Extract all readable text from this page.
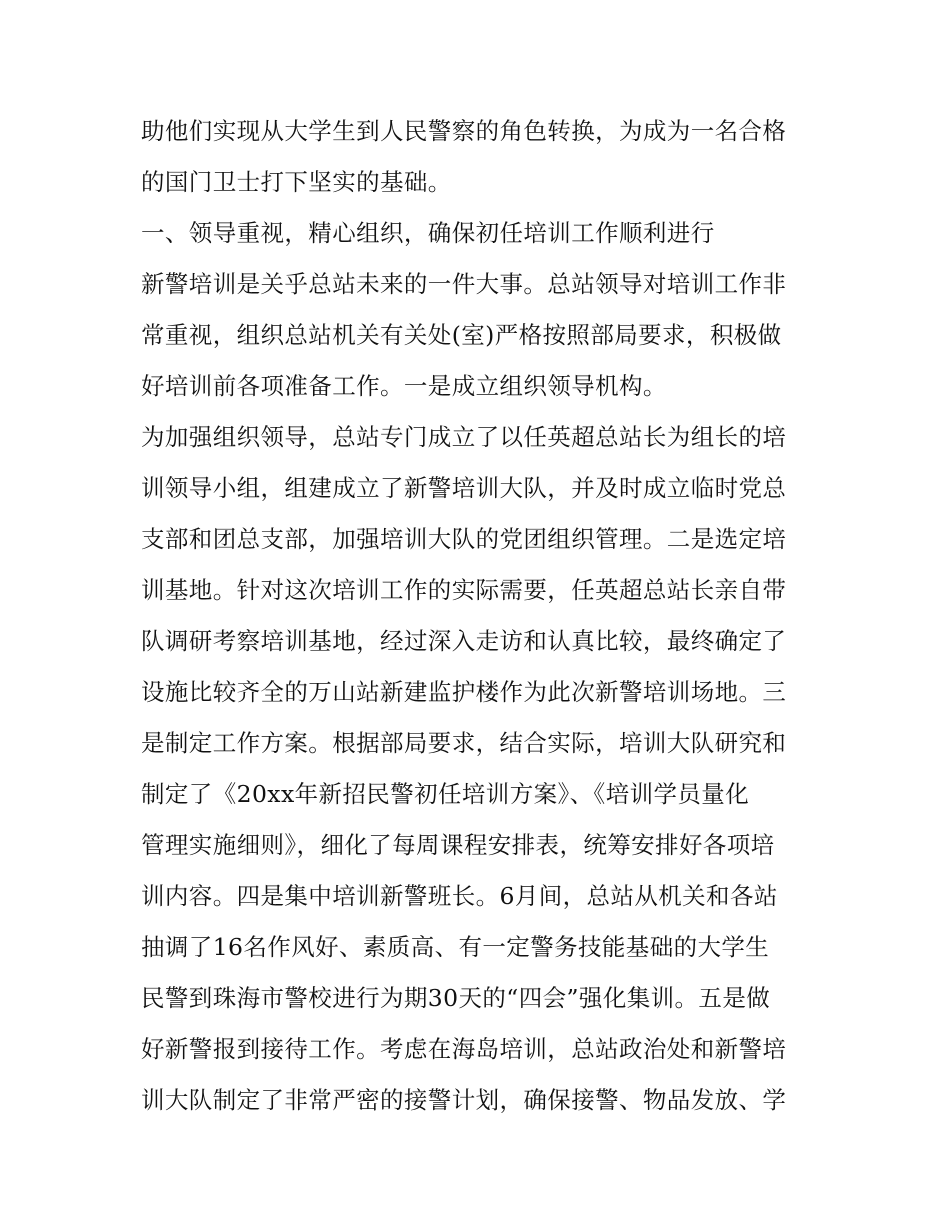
助他们实现从大学生到人民警察的角色转换，为成为一名合格
的国门卫士打下坚实的基础。
一、领导重视，精心组织，确保初任培训工作顺利进行
新警培训是关乎总站未来的一件大事。总站领导对培训工作非
常重视，组织总站机关有关处(室)严格按照部局要求，积极做
好培训前各项准备工作。一是成立组织领导机构。
为加强组织领导，总站专门成立了以任英超总站长为组长的培
训领导小组，组建成立了新警培训大队，并及时成立临时党总
支部和团总支部，加强培训大队的党团组织管理。二是选定培
训基地。针对这次培训工作的实际需要，任英超总站长亲自带
队调研考察培训基地，经过深入走访和认真比较，最终确定了
设施比较齐全的万山站新建监护楼作为此次新警培训场地。三
是制定工作方案。根据部局要求，结合实际，培训大队研究和
制定了《20xx年新招民警初任培训方案》、《培训学员量化
管理实施细则》，细化了每周课程安排表，统筹安排好各项培
训内容。四是集中培训新警班长。6月间，总站从机关和各站
抽调了16名作风好、素质高、有一定警务技能基础的大学生
民警到珠海市警校进行为期30天的“四会”强化集训。五是做
好新警报到接待工作。考虑在海岛培训，总站政治处和新警培
训大队制定了非常严密的接警计划，确保接警、物品发放、学
